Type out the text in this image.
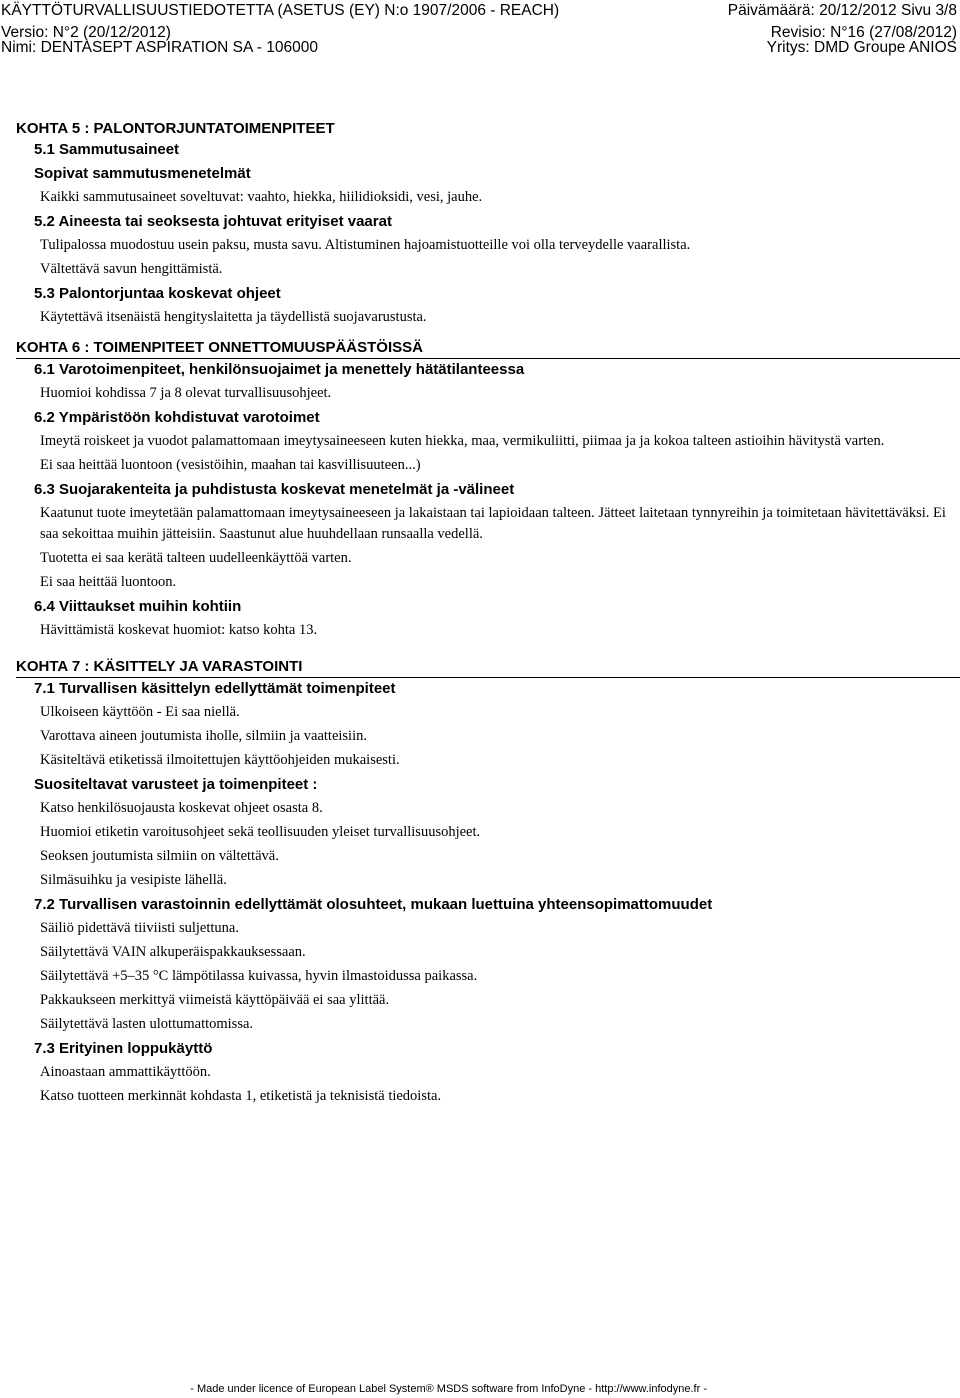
KÄYTTÖTURVALLISUUSTIEDOTETTA (ASETUS (EY) N:o 1907/2006 - REACH)	Päivämäärä: 20/12/2012 Sivu 3/8
Versio: N°2 (20/12/2012)	Revisio: N°16 (27/08/2012)
Nimi: DENTASEPT ASPIRATION SA - 106000	Yritys: DMD Groupe ANIOS
KOHTA 5 : PALONTORJUNTATOIMENPITEET
5.1 Sammutusaineet
Sopivat sammutusmenetelmät
Kaikki sammutusaineet soveltuvat: vaahto, hiekka, hiilidioksidi, vesi, jauhe.
5.2 Aineesta tai seoksesta johtuvat erityiset vaarat
Tulipalossa muodostuu usein paksu, musta savu. Altistuminen hajoamistuotteille voi olla terveydelle vaarallista.
Vältettävä savun hengittämistä.
5.3 Palontorjuntaa koskevat ohjeet
Käytettävä itsenäistä hengityslaitetta ja täydellistä suojavarustusta.
KOHTA 6 : TOIMENPITEET ONNETTOMUUSPÄÄSTÖISSÄ
6.1 Varotoimenpiteet, henkilönsuojaimet ja menettely hätätilanteessa
Huomioi kohdissa 7 ja 8 olevat turvallisuusohjeet.
6.2 Ympäristöön kohdistuvat varotoimet
Imeytä roiskeet ja vuodot palamattomaan imeytysaineeseen kuten hiekka, maa, vermikuliitti, piimaa ja ja kokoa talteen astioihin hävitystä varten.
Ei saa heittää luontoon (vesistöihin, maahan tai kasvillisuuteen...)
6.3 Suojarakenteita ja puhdistusta koskevat menetelmät ja -välineet
Kaatunut tuote imeytetään palamattomaan imeytysaineeseen ja lakaistaan tai lapioidaan talteen. Jätteet laitetaan tynnyreihin ja toimitetaan hävitettäväksi. Ei saa sekoittaa muihin jätteisiin. Saastunut alue huuhdellaan runsaalla vedellä.
Tuotetta ei saa kerätä talteen uudelleenkäyttöä varten.
Ei saa heittää luontoon.
6.4 Viittaukset muihin kohtiin
Hävittämistä koskevat huomiot: katso kohta 13.
KOHTA 7 : KÄSITTELY JA VARASTOINTI
7.1 Turvallisen käsittelyn edellyttämät toimenpiteet
Ulkoiseen käyttöön - Ei saa niellä.
Varottava aineen joutumista iholle, silmiin ja vaatteisiin.
Käsiteltävä etiketissä ilmoitettujen käyttöohjeiden mukaisesti.
Suositeltavat varusteet ja toimenpiteet :
Katso henkilösuojausta koskevat ohjeet osasta 8.
Huomioi etiketin varoitusohjeet sekä teollisuuden yleiset turvallisuusohjeet.
Seoksen joutumista silmiin on vältettävä.
Silmäsuihku ja vesipiste lähellä.
7.2 Turvallisen varastoinnin edellyttämät olosuhteet, mukaan luettuina yhteensopimattomuudet
Säiliö pidettävä tiiviisti suljettuna.
Säilytettävä VAIN alkuperäispakkauksessaan.
Säilytettävä +5–35 °C lämpötilassa kuivassa, hyvin ilmastoidussa paikassa.
Pakkaukseen merkittyä viimeistä käyttöpäivää ei saa ylittää.
Säilytettävä lasten ulottumattomissa.
7.3 Erityinen loppukäyttö
Ainoastaan ammattikäyttöön.
Katso tuotteen merkinnät kohdasta 1, etiketistä ja teknisistä tiedoista.
- Made under licence of European Label System® MSDS software from InfoDyne - http://www.infodyne.fr -
